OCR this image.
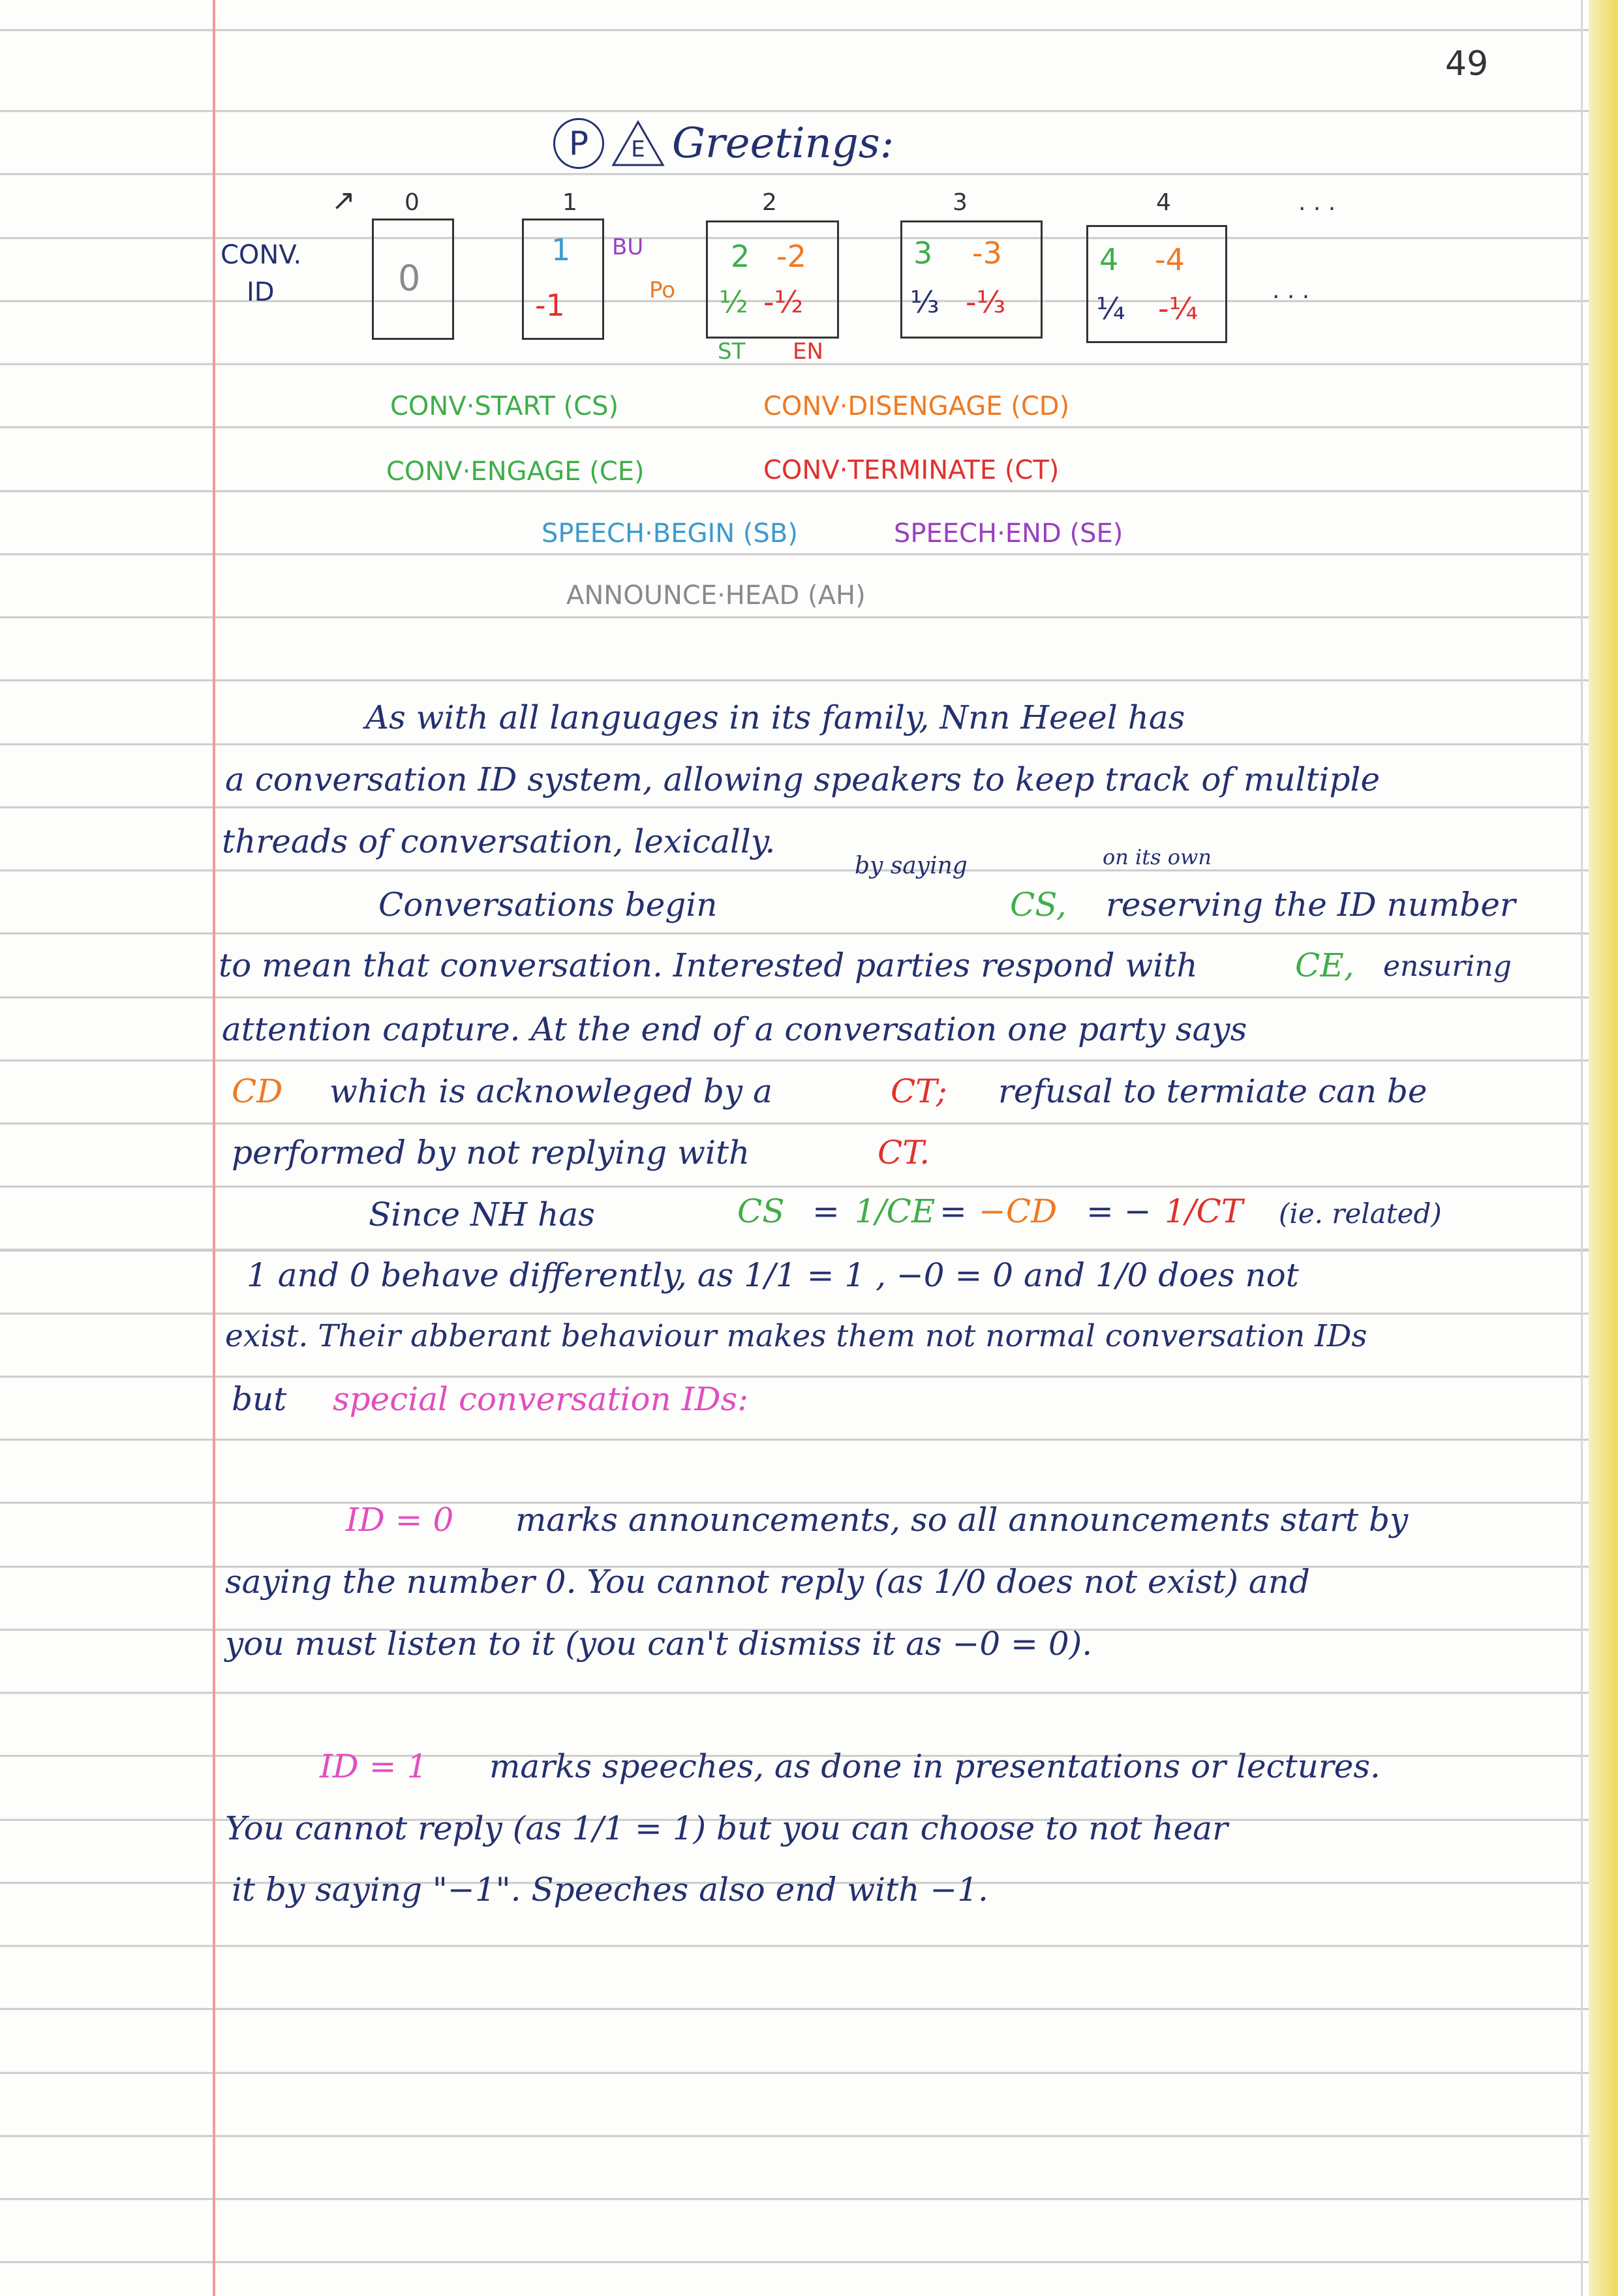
49
P	E Greetings:
CONV.
ID
↗ 0	1	2	3	4	. . .
0
1
-1
BU
Po
2 -2
½ -½
ST EN
3 -3
⅓ -⅓
4 -4
¼ -¼
. . .
CONV·START (CS)	CONV·DISENGAGE (CD)
CONV·ENGAGE (CE)	CONV·TERMINATE (CT)
SPEECH·BEGIN (SB)	SPEECH·END (SE)
ANNOUNCE·HEAD (AH)
As with all languages in its family, Nnn Heeel has
a conversation ID system, allowing speakers to keep track of multiple
threads of conversation, lexically.
by saying	on its own
Conversations begin	CS, reserving the ID number
to mean that conversation. Interested parties respond with	CE, ensuring
attention capture. At the end of a conversation one party says
CD which is acknowleged by a	CT; refusal to termiate can be
performed by not replying with	CT.
Since NH has	CS = 1/CE = −CD = − 1/CT (ie. related)
1 and 0 behave differently, as 1/1 = 1 , −0 = 0 and 1/0 does not
exist. Their abberant behaviour makes them not normal conversation IDs
but special conversation IDs:
ID = 0 marks announcements, so all announcements start by
saying the number 0. You cannot reply (as 1/0 does not exist) and
you must listen to it (you can't dismiss it as −0 = 0).
ID = 1 marks speeches, as done in presentations or lectures.
You cannot reply (as 1/1 = 1) but you can choose to not hear
it by saying "−1". Speeches also end with −1.
